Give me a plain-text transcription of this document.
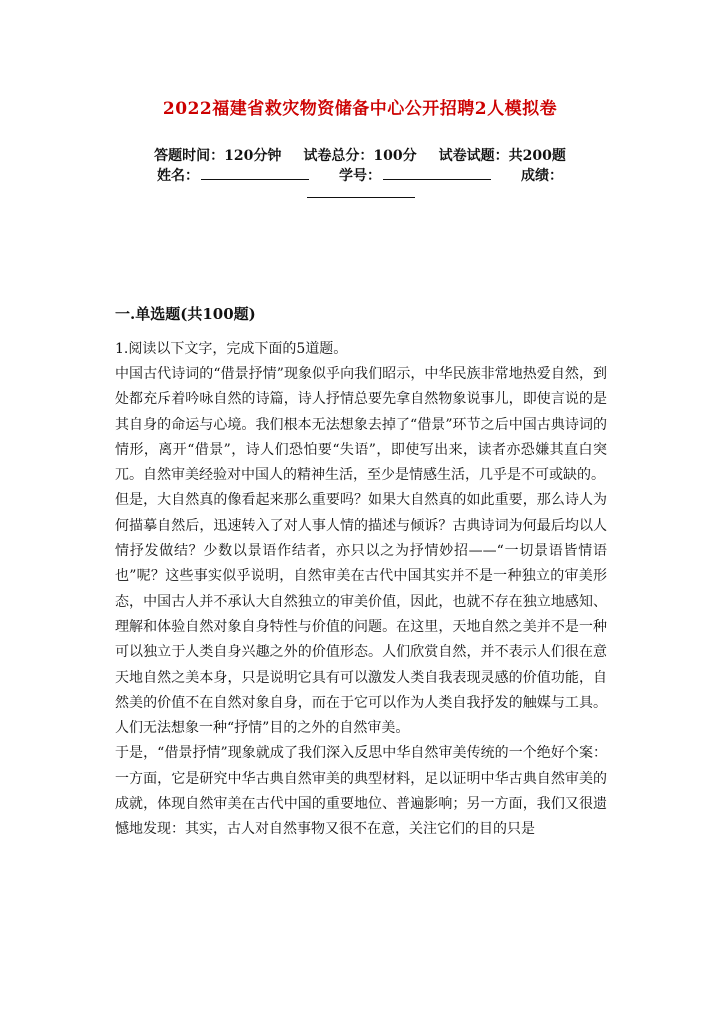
2022福建省救灾物资储备中心公开招聘2人模拟卷
答题时间：120分钟 试卷总分：100分 试卷试题：共200题
姓名：	学号：	成绩：
一.单选题(共100题)
1.阅读以下文字，完成下面的5道题。

中国古代诗词的“借景抒情”现象似乎向我们昭示，中华民族非常地热爱自然，到处都充斥着吟咏自然的诗篇，诗人抒情总要先拿自然物象说事儿，即使言说的是其自身的命运与心境。我们根本无法想象去掉了“借景”环节之后中国古典诗词的情形，离开“借景”，诗人们恐怕要“失语”，即使写出来，读者亦恐嫌其直白突兀。自然审美经验对中国人的精神生活，至少是情感生活，几乎是不可或缺的。

但是，大自然真的像看起来那么重要吗？如果大自然真的如此重要，那么诗人为何描摹自然后，迅速转入了对人事人情的描述与倾诉？古典诗词为何最后均以人情抒发做结？少数以景语作结者，亦只以之为抒情妙招——“一切景语皆情语也”呢？这些事实似乎说明，自然审美在古代中国其实并不是一种独立的审美形态，中国古人并不承认大自然独立的审美价值，因此，也就不存在独立地感知、理解和体验自然对象自身特性与价值的问题。在这里，天地自然之美并不是一种可以独立于人类自身兴趣之外的价值形态。人们欣赏自然，并不表示人们很在意天地自然之美本身，只是说明它具有可以激发人类自我表现灵感的价值功能，自然美的价值不在自然对象自身，而在于它可以作为人类自我抒发的触媒与工具。人们无法想象一种“抒情”目的之外的自然审美。

于是，“借景抒情”现象就成了我们深入反思中华自然审美传统的一个绝好个案：一方面，它是研究中华古典自然审美的典型材料，足以证明中华古典自然审美的成就，体现自然审美在古代中国的重要地位、普遍影响；另一方面，我们又很遗憾地发现：其实，古人对自然事物又很不在意，关注它们的目的只是
